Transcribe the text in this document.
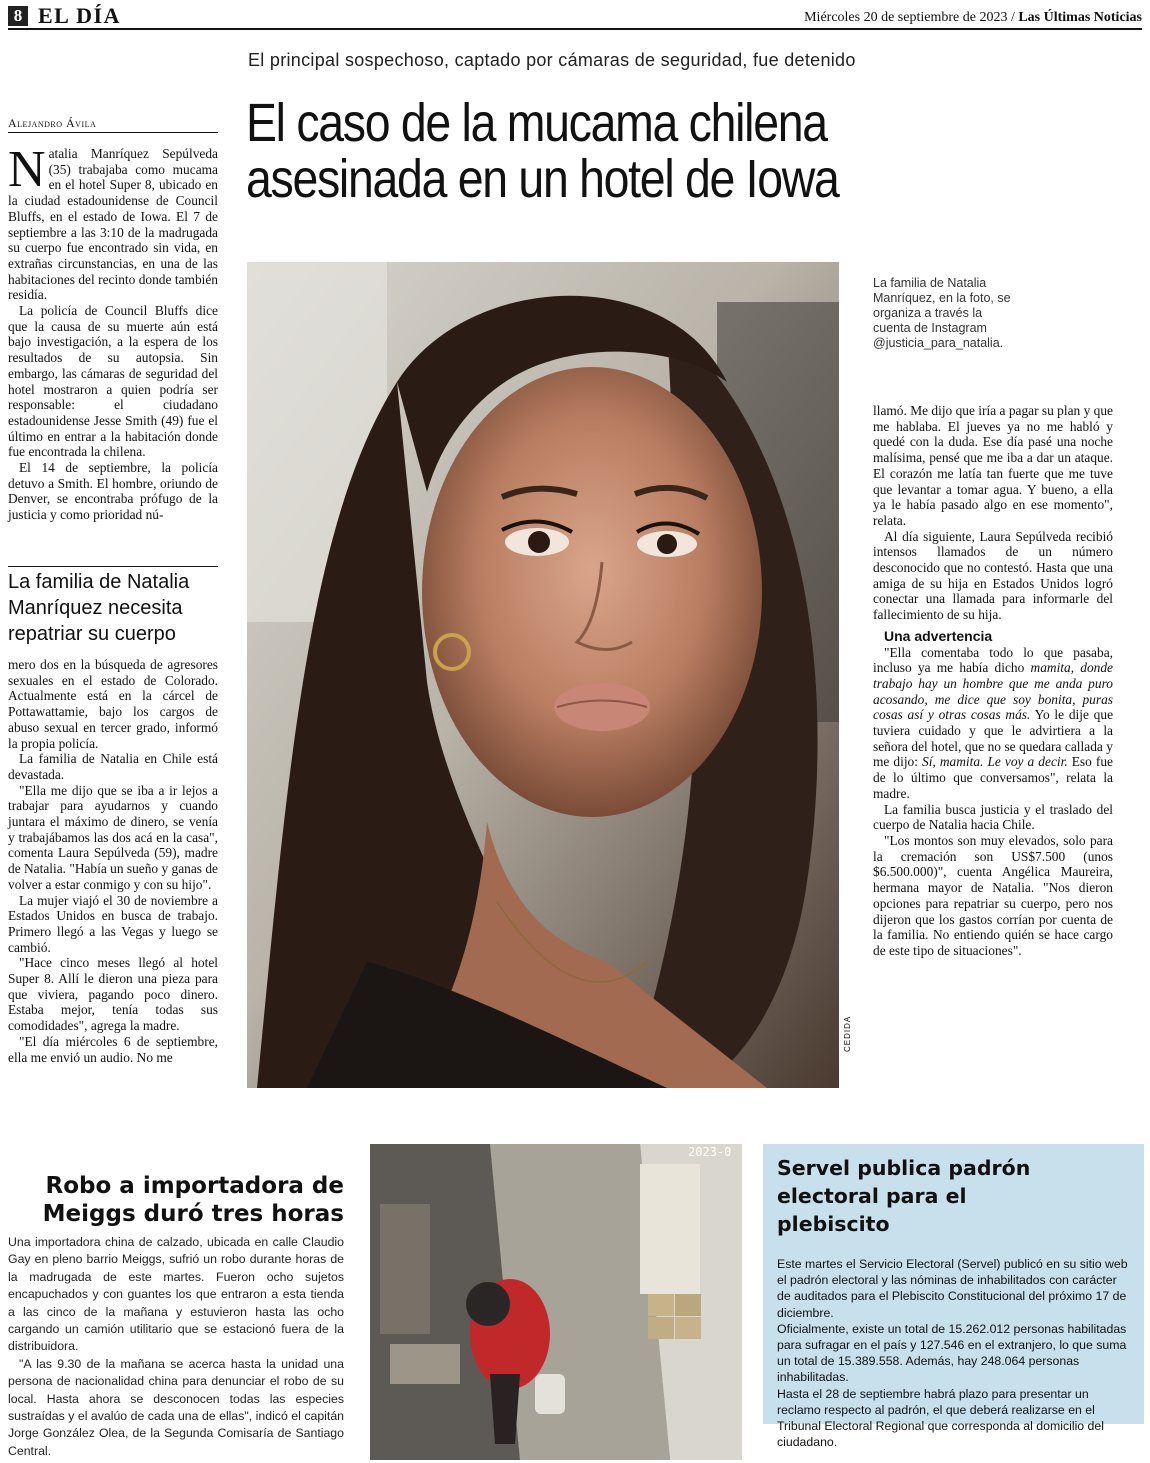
8 EL DÍA	Miércoles 20 de septiembre de 2023 / Las Últimas Noticias
El principal sospechoso, captado por cámaras de seguridad, fue detenido
El caso de la mucama chilena asesinada en un hotel de Iowa
Alejandro Ávila

Natalia Manríquez Sepúlveda (35) trabajaba como mucama en el hotel Super 8, ubicado en la ciudad estadounidense de Council Bluffs, en el estado de Iowa. El 7 de septiembre a las 3:10 de la madrugada su cuerpo fue encontrado sin vida, en extrañas circunstancias, en una de las habitaciones del recinto donde también residía.

La policía de Council Bluffs dice que la causa de su muerte aún está bajo investigación, a la espera de los resultados de su autopsia. Sin embargo, las cámaras de seguridad del hotel mostraron a quien podría ser responsable: el ciudadano estadounidense Jesse Smith (49) fue el último en entrar a la habitación donde fue encontrada la chilena.

El 14 de septiembre, la policía detuvo a Smith. El hombre, oriundo de Denver, se encontraba prófugo de la justicia y como prioridad nú-

La familia de Natalia Manríquez necesita repatriar su cuerpo

mero dos en la búsqueda de agresores sexuales en el estado de Colorado. Actualmente está en la cárcel de Pottawattamie, bajo los cargos de abuso sexual en tercer grado, informó la propia policía.

La familia de Natalia en Chile está devastada.

"Ella me dijo que se iba a ir lejos a trabajar para ayudarnos y cuando juntara el máximo de dinero, se venía y trabajábamos las dos acá en la casa", comenta Laura Sepúlveda (59), madre de Natalia. "Había un sueño y ganas de volver a estar conmigo y con su hijo".

La mujer viajó el 30 de noviembre a Estados Unidos en busca de trabajo. Primero llegó a las Vegas y luego se cambió.

"Hace cinco meses llegó al hotel Super 8. Allí le dieron una pieza para que viviera, pagando poco dinero. Estaba mejor, tenía todas sus comodidades", agrega la madre.

"El día miércoles 6 de septiembre, ella me envió un audio. No me

CEDIDA
La familia de Natalia Manríquez, en la foto, se organiza a través la cuenta de Instagram @justicia_para_natalia.

llamó. Me dijo que iría a pagar su plan y que me hablaba. El jueves ya no me habló y quedé con la duda. Ese día pasé una noche malísima, pensé que me iba a dar un ataque. El corazón me latía tan fuerte que me tuve que levantar a tomar agua. Y bueno, a ella ya le había pasado algo en ese momento", relata.

Al día siguiente, Laura Sepúlveda recibió intensos llamados de un número desconocido que no contestó. Hasta que una amiga de su hija en Estados Unidos logró conectar una llamada para informarle del fallecimiento de su hija.

Una advertencia

"Ella comentaba todo lo que pasaba, incluso ya me había dicho mamita, donde trabajo hay un hombre que me anda puro acosando, me dice que soy bonita, puras cosas así y otras cosas más. Yo le dije que tuviera cuidado y que le advirtiera a la señora del hotel, que no se quedara callada y me dijo: Sí, mamita. Le voy a decir. Eso fue de lo último que conversamos", relata la madre.

La familia busca justicia y el traslado del cuerpo de Natalia hacia Chile.

"Los montos son muy elevados, solo para la cremación son US$7.500 (unos $6.500.000)", cuenta Angélica Maureira, hermana mayor de Natalia. "Nos dieron opciones para repatriar su cuerpo, pero nos dijeron que los gastos corrían por cuenta de la familia. No entiendo quién se hace cargo de este tipo de situaciones".

Robo a importadora de Meiggs duró tres horas

Una importadora china de calzado, ubicada en calle Claudio Gay en pleno barrio Meiggs, sufrió un robo durante horas de la madrugada de este martes. Fueron ocho sujetos encapuchados y con guantes los que entraron a esta tienda a las cinco de la mañana y estuvieron hasta las ocho cargando un camión utilitario que se estacionó fuera de la distribuidora.

"A las 9.30 de la mañana se acerca hasta la unidad una persona de nacionalidad china para denunciar el robo de su local. Hasta ahora se desconocen todas las especies sustraídas y el avalúo de cada una de ellas", indicó el capitán Jorge González Olea, de la Segunda Comisaría de Santiago Central.

2023-0
Servel publica padrón electoral para el plebiscito

Este martes el Servicio Electoral (Servel) publicó en su sitio web el padrón electoral y las nóminas de inhabilitados con carácter de auditados para el Plebiscito Constitucional del próximo 17 de diciembre.

Oficialmente, existe un total de 15.262.012 personas habilitadas para sufragar en el país y 127.546 en el extranjero, lo que suma un total de 15.389.558. Además, hay 248.064 personas inhabilitadas.

Hasta el 28 de septiembre habrá plazo para presentar un reclamo respecto al padrón, el que deberá realizarse en el Tribunal Electoral Regional que corresponda al domicilio del ciudadano.
